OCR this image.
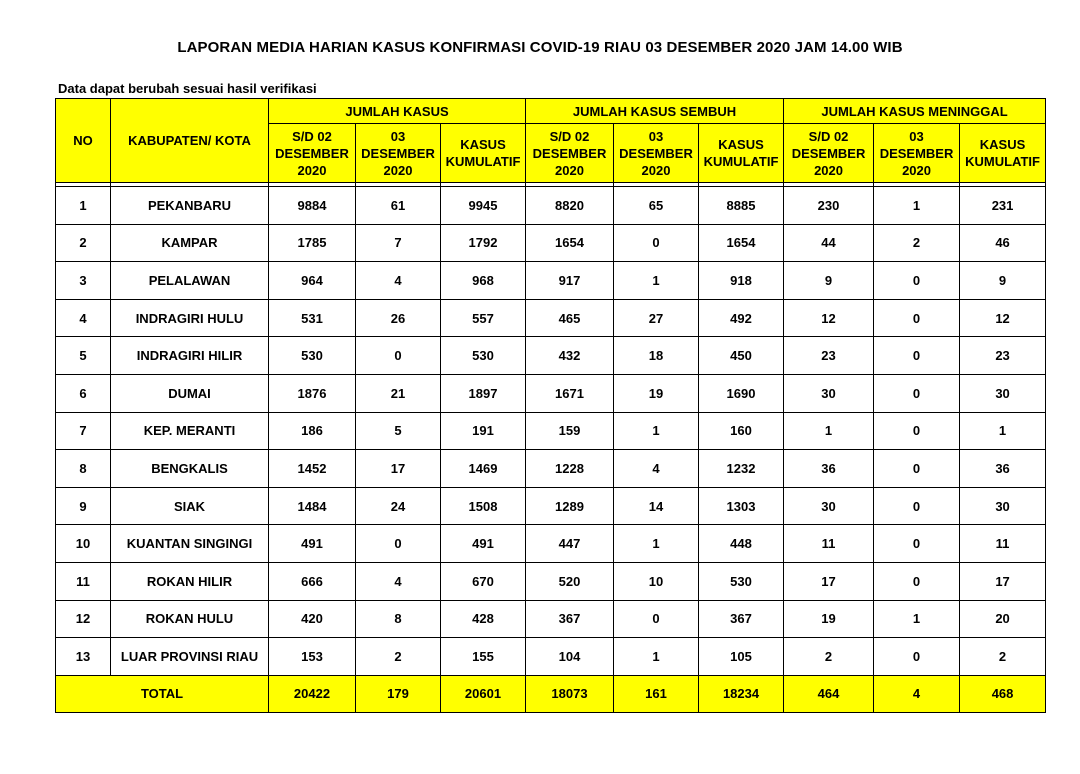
LAPORAN MEDIA HARIAN KASUS KONFIRMASI COVID-19 RIAU 03 DESEMBER 2020 JAM 14.00 WIB
Data dapat berubah sesuai hasil verifikasi
NO	KABUPATEN/ KOTA	JUMLAH KASUS			JUMLAH KASUS SEMBUH			JUMLAH KASUS MENINGGAL		
		S/D 02
DESEMBER
2020	03
DESEMBER
2020	KASUS
KUMULATIF	S/D 02
DESEMBER
2020	03
DESEMBER
2020	KASUS
KUMULATIF	S/D 02
DESEMBER
2020	03
DESEMBER
2020	KASUS
KUMULATIF

1	PEKANBARU	9884	61	9945	8820	65	8885	230	1	231
2	KAMPAR	1785	7	1792	1654	0	1654	44	2	46
3	PELALAWAN	964	4	968	917	1	918	9	0	9
4	INDRAGIRI HULU	531	26	557	465	27	492	12	0	12
5	INDRAGIRI HILIR	530	0	530	432	18	450	23	0	23
6	DUMAI	1876	21	1897	1671	19	1690	30	0	30
7	KEP. MERANTI	186	5	191	159	1	160	1	0	1
8	BENGKALIS	1452	17	1469	1228	4	1232	36	0	36
9	SIAK	1484	24	1508	1289	14	1303	30	0	30
10	KUANTAN SINGINGI	491	0	491	447	1	448	11	0	11
11	ROKAN HILIR	666	4	670	520	10	530	17	0	17
12	ROKAN HULU	420	8	428	367	0	367	19	1	20
13	LUAR PROVINSI RIAU	153	2	155	104	1	105	2	0	2
TOTAL		20422	179	20601	18073	161	18234	464	4	468
